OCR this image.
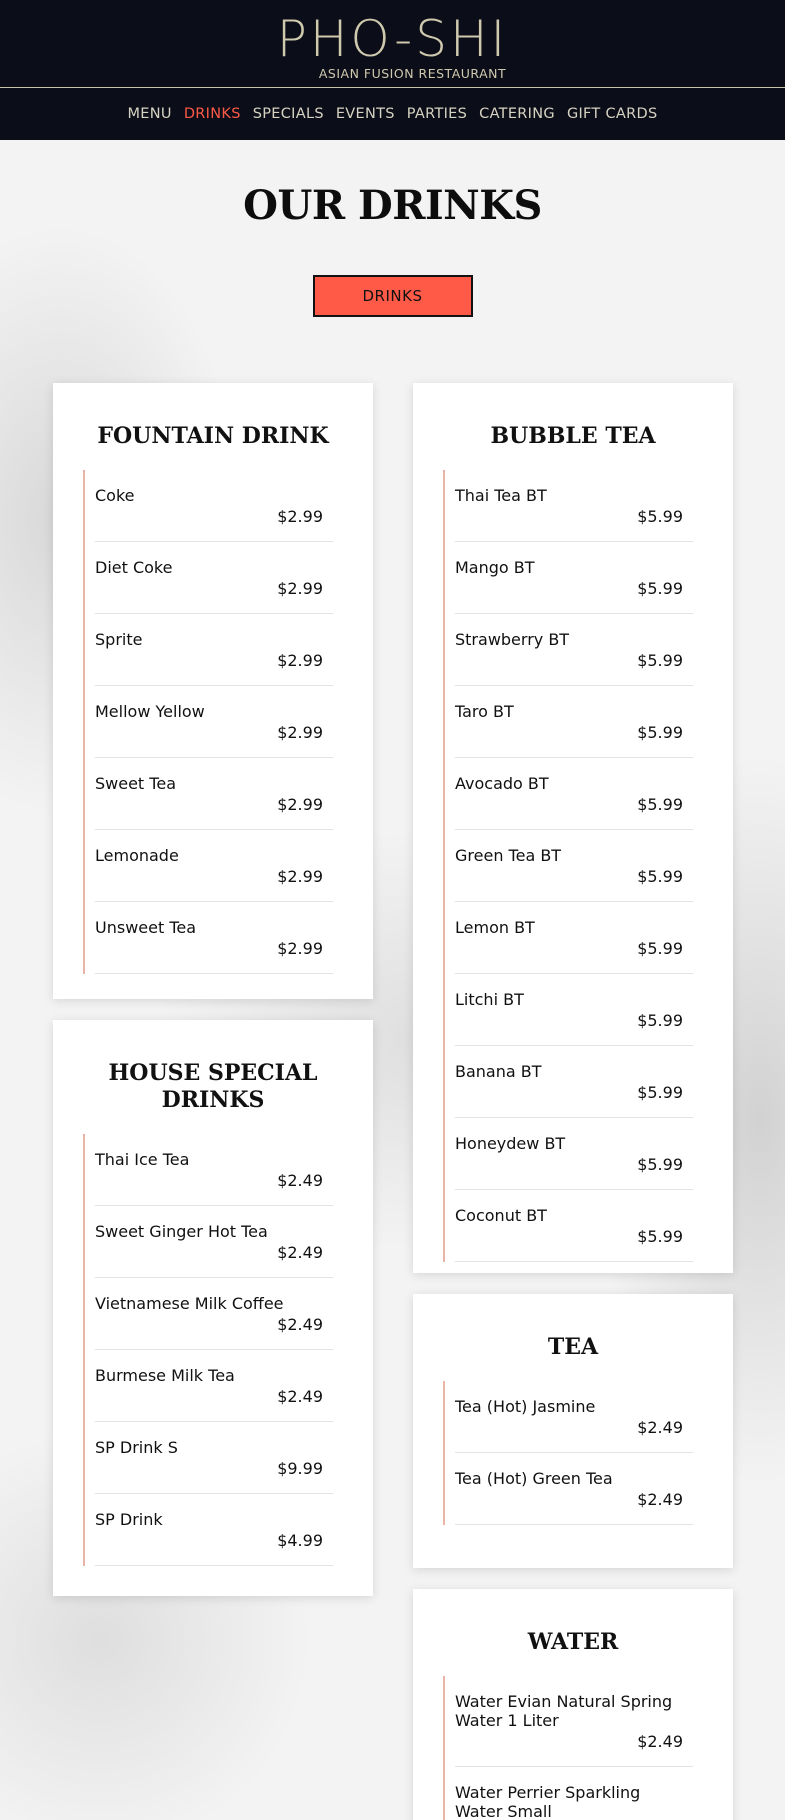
PHO-SHI
ASIAN FUSION RESTAURANT
MENU DRINKS SPECIALS EVENTS PARTIES CATERING GIFT CARDS
OUR DRINKS
DRINKS
FOUNTAIN DRINK
Coke
$2.99
Diet Coke
$2.99
Sprite
$2.99
Mellow Yellow
$2.99
Sweet Tea
$2.99
Lemonade
$2.99
Unsweet Tea
$2.99
BUBBLE TEA
Thai Tea BT
$5.99
Mango BT
$5.99
Strawberry BT
$5.99
Taro BT
$5.99
Avocado BT
$5.99
Green Tea BT
$5.99
Lemon BT
$5.99
Litchi BT
$5.99
Banana BT
$5.99
Honeydew BT
$5.99
Coconut BT
$5.99
HOUSE SPECIAL DRINKS
Thai Ice Tea
$2.49
Sweet Ginger Hot Tea
$2.49
Vietnamese Milk Coffee
$2.49
Burmese Milk Tea
$2.49
SP Drink S
$9.99
SP Drink
$4.99
TEA
Tea (Hot) Jasmine
$2.49
Tea (Hot) Green Tea
$2.49
WATER
Water Evian Natural Spring Water 1 Liter
$2.49
Water Perrier Sparkling Water Small
